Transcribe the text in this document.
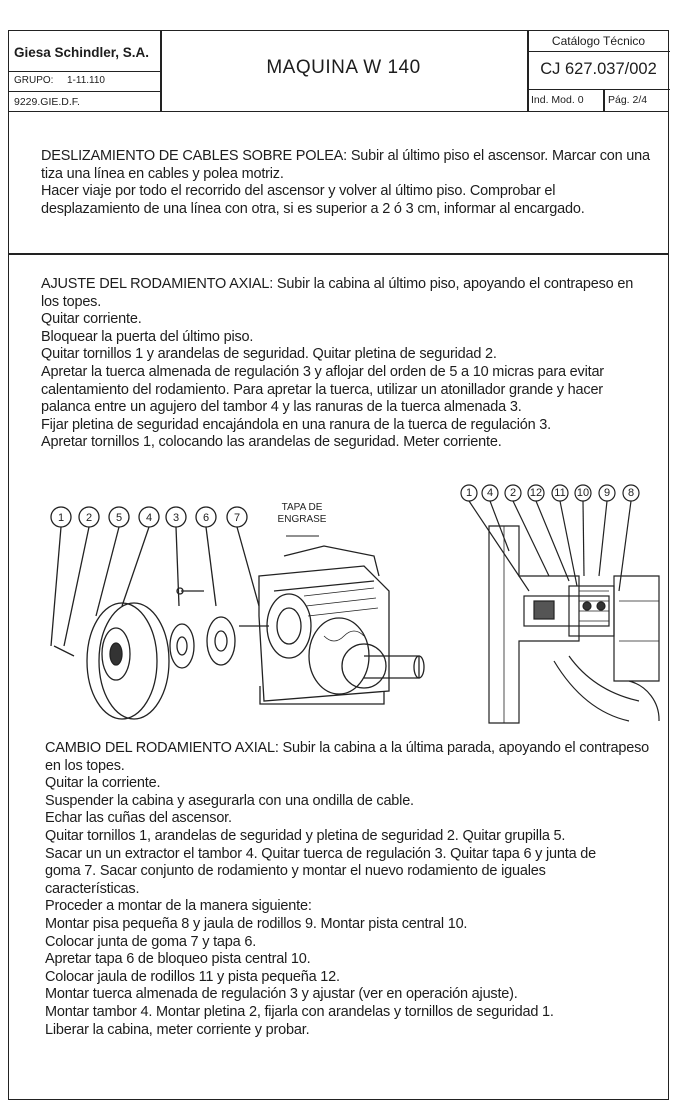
Giesa Schindler, S.A.
GRUPO: 1-11.110
9229.GIE.D.F.
MAQUINA W 140
Catálogo Técnico
CJ 627.037/002
Ind. Mod. 0 Pág. 2/4

DESLIZAMIENTO DE CABLES SOBRE POLEA: Subir al último piso el ascensor. Marcar con una

tiza una línea en cables y polea motriz.

Hacer viaje por todo el recorrido del ascensor y volver al último piso. Comprobar el

desplazamiento de una línea con otra, si es superior a 2 ó 3 cm, informar al encargado.

AJUSTE DEL RODAMIENTO AXIAL: Subir la cabina al último piso, apoyando el contrapeso en

los topes.

Quitar corriente.

Bloquear la puerta del último piso.

Quitar tornillos 1 y arandelas de seguridad. Quitar pletina de seguridad 2.

Apretar la tuerca almenada de regulación 3 y aflojar del orden de 5 a 10 micras para evitar

calentamiento del rodamiento. Para apretar la tuerca, utilizar un atonillador grande y hacer

palanca entre un agujero del tambor 4 y las ranuras de la tuerca almenada 3.

Fijar pletina de seguridad encajándola en una ranura de la tuerca de regulación 3.

Apretar tornillos 1, colocando las arandelas de seguridad. Meter corriente.

1 2 5 4 3 6 7
TAPA DE
ENGRASE
1 4 2 12 11 10 9 8

CAMBIO DEL RODAMIENTO AXIAL: Subir la cabina a la última parada, apoyando el contrapeso

en los topes.

Quitar la corriente.

Suspender la cabina y asegurarla con una ondilla de cable.

Echar las cuñas del ascensor.

Quitar tornillos 1, arandelas de seguridad y pletina de seguridad 2. Quitar grupilla 5.

Sacar un un extractor el tambor 4. Quitar tuerca de regulación 3. Quitar tapa 6 y junta de

goma 7. Sacar conjunto de rodamiento y montar el nuevo rodamiento de iguales

características.

Proceder a montar de la manera siguiente:

Montar pisa pequeña 8 y jaula de rodillos 9. Montar pista central 10.

Colocar junta de goma 7 y tapa 6.

Apretar tapa 6 de bloqueo pista central 10.

Colocar jaula de rodillos 11 y pista pequeña 12.

Montar tuerca almenada de regulación 3 y ajustar (ver en operación ajuste).

Montar tambor 4. Montar pletina 2, fijarla con arandelas y tornillos de seguridad 1.

Liberar la cabina, meter corriente y probar.
